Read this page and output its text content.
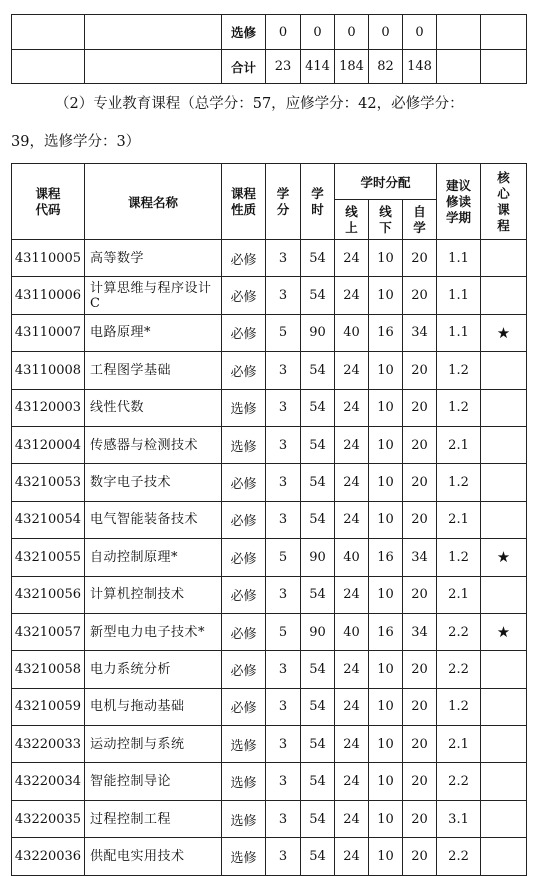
		选修	0	0	0	0	0		
		合计	23	414	184	82	148		
（2）专业教育课程（总学分：57，应修学分：42，必修学分：
39，选修学分：3）
课程代码	课程名称	课程性质	学分	学时	学时分配			建议修读学期	核心课程
					线上	线下	自学		
43110005	高等数学	必修	3	54	24	10	20	1.1	
43110006	计算思维与程序设计C	必修	3	54	24	10	20	1.1	
43110007	电路原理*	必修	5	90	40	16	34	1.1	★
43110008	工程图学基础	必修	3	54	24	10	20	1.2	
43120003	线性代数	选修	3	54	24	10	20	1.2	
43120004	传感器与检测技术	选修	3	54	24	10	20	2.1	
43210053	数字电子技术	必修	3	54	24	10	20	1.2	
43210054	电气智能装备技术	必修	3	54	24	10	20	2.1	
43210055	自动控制原理*	必修	5	90	40	16	34	1.2	★
43210056	计算机控制技术	必修	3	54	24	10	20	2.1	
43210057	新型电力电子技术*	必修	5	90	40	16	34	2.2	★
43210058	电力系统分析	必修	3	54	24	10	20	2.2	
43210059	电机与拖动基础	必修	3	54	24	10	20	1.2	
43220033	运动控制与系统	选修	3	54	24	10	20	2.1	
43220034	智能控制导论	选修	3	54	24	10	20	2.2	
43220035	过程控制工程	选修	3	54	24	10	20	3.1	
43220036	供配电实用技术	选修	3	54	24	10	20	2.2	
